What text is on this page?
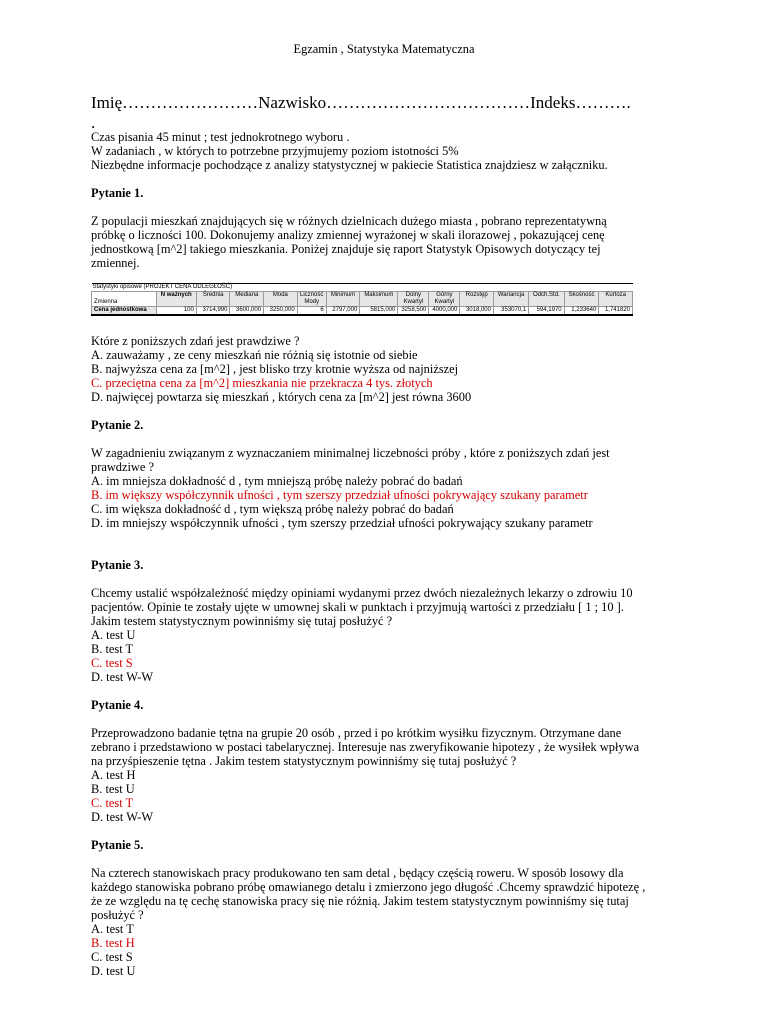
Egzamin , Statystyka Matematyczna
Imię……………………Nazwisko………………………………Indeks……….
.
Czas pisania 45 minut ; test jednokrotnego wyboru .
W zadaniach , w których to potrzebne przyjmujemy poziom istotności 5%
Niezbędne informacje pochodzące z analizy statystycznej w pakiecie Statistica znajdziesz w załączniku.
Pytanie 1.
Z populacji mieszkań znajdujących się w różnych dzielnicach dużego miasta , pobrano reprezentatywną
próbkę o liczności 100. Dokonujemy analizy zmiennej wyrażonej w skali ilorazowej , pokazującej cenę
jednostkową [m^2] takiego mieszkania. Poniżej znajduje się raport Statystyk Opisowych dotyczący tej
zmiennej.
Statystyki opisowe (PROJEKT CENA ODLEGŁOŚĆ)														
Zmienna	N ważnych	Średnia	Mediana	Moda	Liczność Mody	Minimum	Maksimum	Dolny Kwartyl	Górny Kwartyl	Rozstęp	Wariancja	Odch.Std.	Skośność	Kurtoza
Cena jednostkowa	100	3714,990	3600,000	3250,000	6	2797,000	5815,000	3258,500	4000,000	3018,000	353070,1	594,1970	1,233640	1,741820
Które z poniższych zdań jest prawdziwe ?
A. zauważamy , ze ceny mieszkań nie różnią się istotnie od siebie
B. najwyższa cena za [m^2] , jest blisko trzy krotnie wyższa od najniższej
C. przeciętna cena za [m^2] mieszkania nie przekracza 4 tys. złotych
D. najwięcej powtarza się mieszkań , których cena za [m^2] jest równa 3600
Pytanie 2.
W zagadnieniu związanym z wyznaczaniem minimalnej liczebności próby , które z poniższych zdań jest
prawdziwe ?
A. im mniejsza dokładność d , tym mniejszą próbę należy pobrać do badań
B. im większy współczynnik ufności , tym szerszy przedział ufności pokrywający szukany parametr
C. im większa dokładność d , tym większą próbę należy pobrać do badań
D. im mniejszy współczynnik ufności , tym szerszy przedział ufności pokrywający szukany parametr
Pytanie 3.
Chcemy ustalić współzależność między opiniami wydanymi przez dwóch niezależnych lekarzy o zdrowiu 10
pacjentów. Opinie te zostały ujęte w umownej skali w punktach i przyjmują wartości z przedziału [ 1 ; 10 ].
Jakim testem statystycznym powinniśmy się tutaj posłużyć ?
A. test U
B. test T
C. test S
D. test W-W
Pytanie 4.
Przeprowadzono badanie tętna na grupie 20 osób , przed i po krótkim wysiłku fizycznym. Otrzymane dane
zebrano i przedstawiono w postaci tabelarycznej. Interesuje nas zweryfikowanie hipotezy , że wysiłek wpływa
na przyśpieszenie tętna . Jakim testem statystycznym powinniśmy się tutaj posłużyć ?
A. test H
B. test U
C. test T
D. test W-W
Pytanie 5.
Na czterech stanowiskach pracy produkowano ten sam detal , będący częścią roweru. W sposób losowy dla
każdego stanowiska pobrano próbę omawianego detalu i zmierzono jego długość .Chcemy sprawdzić hipotezę ,
że ze względu na tę cechę stanowiska pracy się nie różnią. Jakim testem statystycznym powinniśmy się tutaj
posłużyć ?
A. test T
B. test H
C. test S
D. test U
